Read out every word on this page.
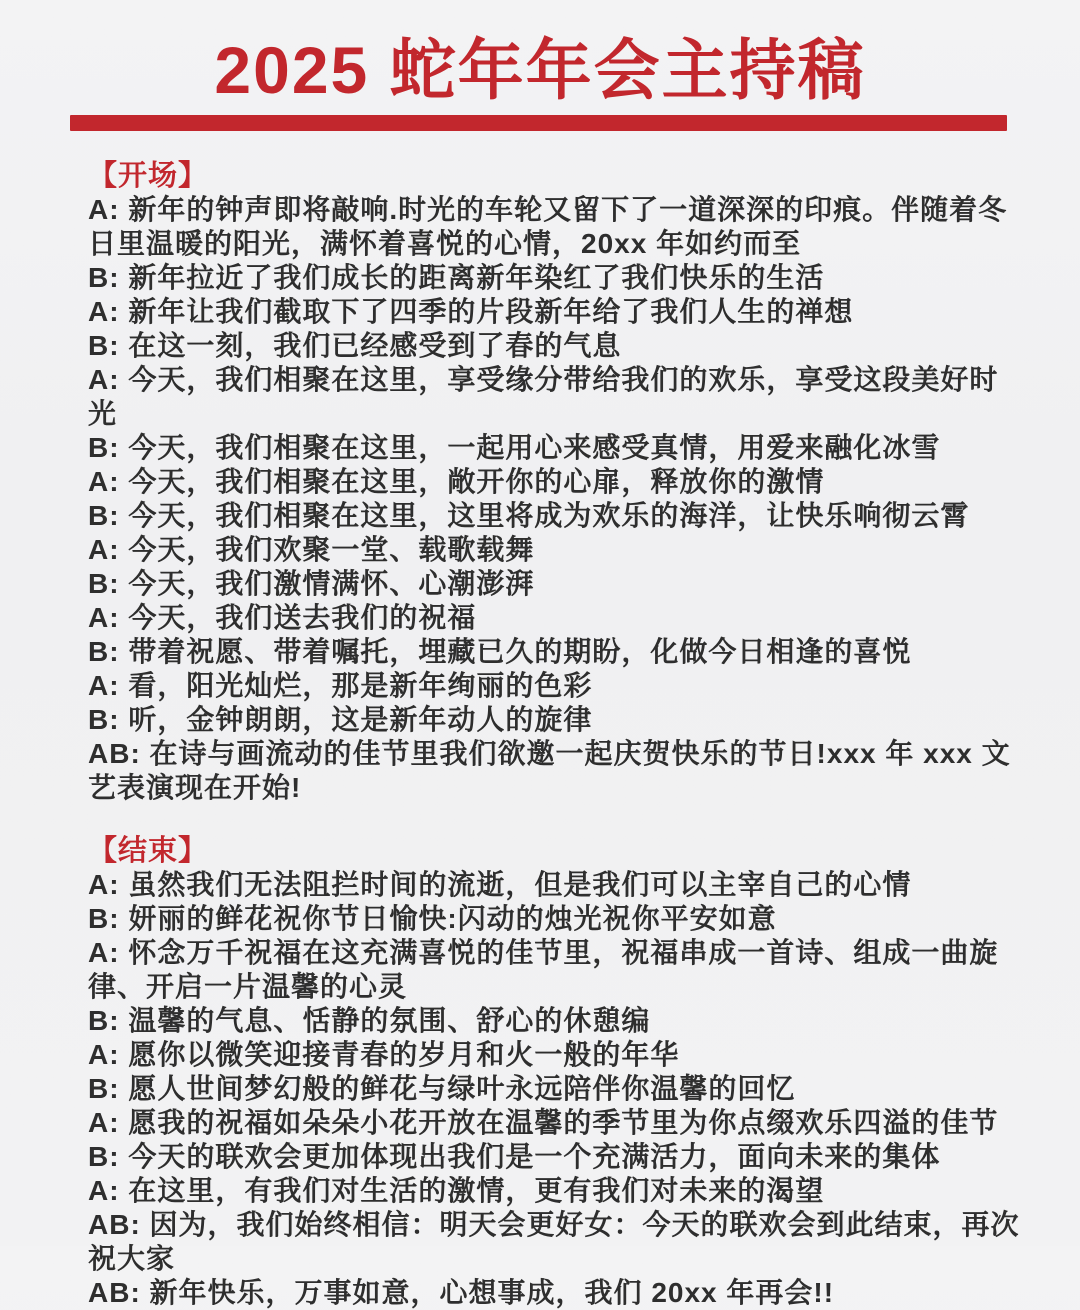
2025 蛇年年会主持稿
【开场】

A: 新年的钟声即将敲响.时光的车轮又留下了一道深深的印痕。伴随着冬日里温暖的阳光，满怀着喜悦的心情，20xx 年如约而至

B: 新年拉近了我们成长的距离新年染红了我们快乐的生活

A: 新年让我们截取下了四季的片段新年给了我们人生的禅想

B: 在这一刻，我们已经感受到了春的气息

A: 今天，我们相聚在这里，享受缘分带给我们的欢乐，享受这段美好时光

B: 今天，我们相聚在这里，一起用心来感受真情，用爱来融化冰雪

A: 今天，我们相聚在这里，敞开你的心扉，释放你的激情

B: 今天，我们相聚在这里，这里将成为欢乐的海洋，让快乐响彻云霄

A: 今天，我们欢聚一堂、载歌载舞

B: 今天，我们激情满怀、心潮澎湃

A: 今天，我们送去我们的祝福

B: 带着祝愿、带着嘱托，埋藏已久的期盼，化做今日相逢的喜悦

A: 看，阳光灿烂，那是新年绚丽的色彩

B: 听，金钟朗朗，这是新年动人的旋律

AB: 在诗与画流动的佳节里我们欲邀一起庆贺快乐的节日!xxx 年 xxx 文艺表演现在开始!

【结束】

A: 虽然我们无法阻拦时间的流逝，但是我们可以主宰自己的心情

B: 妍丽的鲜花祝你节日愉快:闪动的烛光祝你平安如意

A: 怀念万千祝福在这充满喜悦的佳节里，祝福串成一首诗、组成一曲旋律、开启一片温馨的心灵

B: 温馨的气息、恬静的氛围、舒心的休憩编

A: 愿你以微笑迎接青春的岁月和火一般的年华

B: 愿人世间梦幻般的鲜花与绿叶永远陪伴你温馨的回忆

A: 愿我的祝福如朵朵小花开放在温馨的季节里为你点缀欢乐四溢的佳节

B: 今天的联欢会更加体现出我们是一个充满活力，面向未来的集体

A: 在这里，有我们对生活的激情，更有我们对未来的渴望

AB: 因为，我们始终相信：明天会更好女：今天的联欢会到此结束，再次祝大家

AB: 新年快乐，万事如意，心想事成，我们 20xx 年再会!!
